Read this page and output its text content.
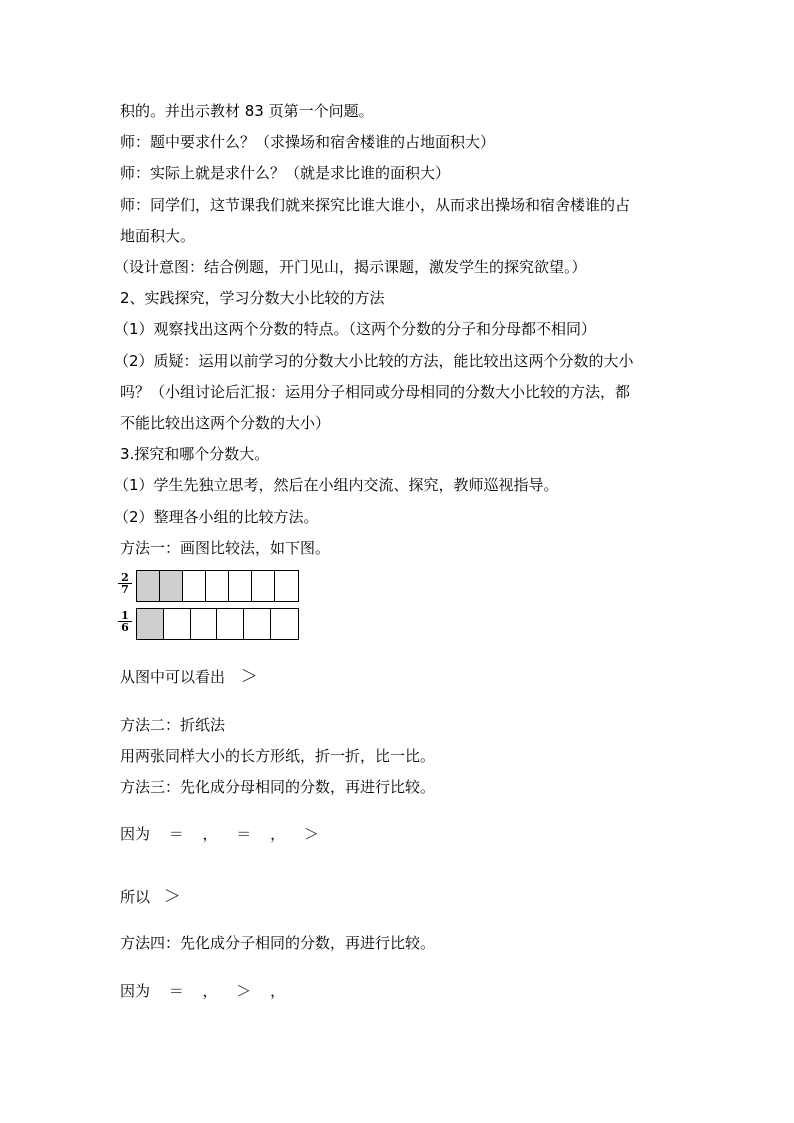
积的。并出示教材 83 页第一个问题。
师：题中要求什么？（求操场和宿舍楼谁的占地面积大）
师：实际上就是求什么？（就是求比谁的面积大）
师：同学们，这节课我们就来探究比谁大谁小，从而求出操场和宿舍楼谁的占
地面积大。
（设计意图：结合例题，开门见山，揭示课题，激发学生的探究欲望。）
2、实践探究，学习分数大小比较的方法
（1）观察找出这两个分数的特点。（这两个分数的分子和分母都不相同）
（2）质疑：运用以前学习的分数大小比较的方法，能比较出这两个分数的大小
吗？（小组讨论后汇报：运用分子相同或分母相同的分数大小比较的方法，都
不能比较出这两个分数的大小）
3.探究和哪个分数大。
（1）学生先独立思考，然后在小组内交流、探究，教师巡视指导。
（2）整理各小组的比较方法。
方法一：画图比较法，如下图。
$\frac{2}{7}$
$\frac{1}{6}$
从图中可以看出 ＞
方法二：折纸法
用两张同样大小的长方形纸，折一折，比一比。
方法三：先化成分母相同的分数，再进行比较。
因为 ＝ ， ＝ ， ＞
所以 ＞
方法四：先化成分子相同的分数，再进行比较。
因为 ＝ ， ＞ ，
